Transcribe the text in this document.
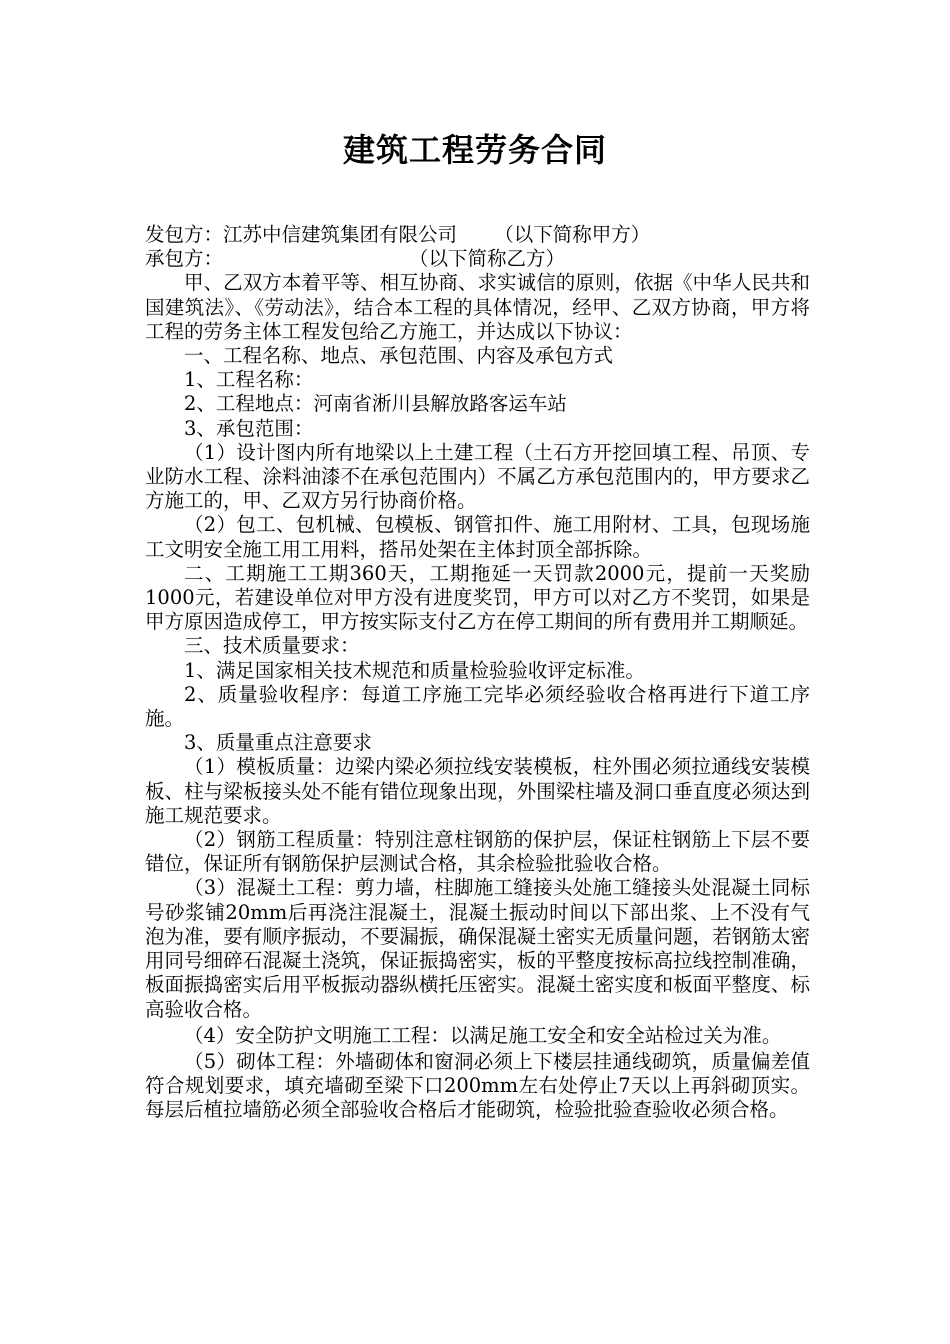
建筑工程劳务合同

发包方：江苏中信建筑集团有限公司      （以下简称甲方）

承包方：                              （以下简称乙方）

甲、乙双方本着平等、相互协商、求实诚信的原则，依据《中华人民共和国建筑法》、《劳动法》，结合本工程的具体情况，经甲、乙双方协商，甲方将工程的劳务主体工程发包给乙方施工，并达成以下协议：

一、工程名称、地点、承包范围、内容及承包方式

1、工程名称：

2、工程地点：河南省淅川县解放路客运车站

3、承包范围：

（1）设计图内所有地梁以上土建工程（土石方开挖回填工程、吊顶、专业防水工程、涂料油漆不在承包范围内）不属乙方承包范围内的，甲方要求乙方施工的，甲、乙双方另行协商价格。

（2）包工、包机械、包模板、钢管扣件、施工用附材、工具，包现场施工文明安全施工用工用料，搭吊处架在主体封顶全部拆除。

二、工期施工工期360天，工期拖延一天罚款2000元，提前一天奖励1000元，若建设单位对甲方没有进度奖罚，甲方可以对乙方不奖罚，如果是甲方原因造成停工，甲方按实际支付乙方在停工期间的所有费用并工期顺延。

三、技术质量要求：

1、满足国家相关技术规范和质量检验验收评定标准。

2、质量验收程序：每道工序施工完毕必须经验收合格再进行下道工序施。

3、质量重点注意要求

（1）模板质量：边梁内梁必须拉线安装模板，柱外围必须拉通线安装模板、柱与梁板接头处不能有错位现象出现，外围梁柱墙及洞口垂直度必须达到施工规范要求。

（2）钢筋工程质量：特别注意柱钢筋的保护层，保证柱钢筋上下层不要错位，保证所有钢筋保护层测试合格，其余检验批验收合格。

（3）混凝土工程：剪力墙，柱脚施工缝接头处施工缝接头处混凝土同标号砂浆铺20mm后再浇注混凝土，混凝土振动时间以下部出浆、上不没有气泡为准，要有顺序振动，不要漏振，确保混凝土密实无质量问题，若钢筋太密用同号细碎石混凝土浇筑，保证振捣密实，板的平整度按标高拉线控制准确，板面振捣密实后用平板振动器纵横托压密实。混凝土密实度和板面平整度、标高验收合格。

（4）安全防护文明施工工程：以满足施工安全和安全站检过关为准。

（5）砌体工程：外墙砌体和窗洞必须上下楼层挂通线砌筑，质量偏差值符合规划要求，填充墙砌至梁下口200mm左右处停止7天以上再斜砌顶实。每层后植拉墙筋必须全部验收合格后才能砌筑，检验批验查验收必须合格。
